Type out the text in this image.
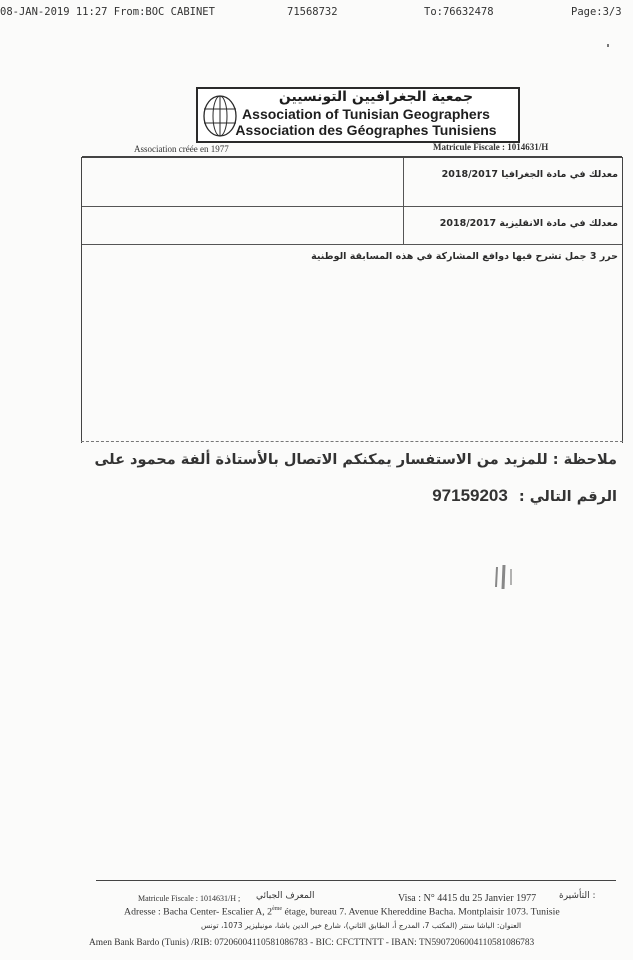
08-JAN-2019 11:27 From:BOC CABINET	71568732	To:76632478	Page:3/3
جمعية الجغرافيين التونسيين
Association of Tunisian Geographers
Association des Géographes Tunisiens
Association créée en 1977	Matricule Fiscale : 1014631/H
معدلك في مادة الجغرافيا 2018/2017
معدلك في مادة الانقليزية 2018/2017
حرر 3 جمل تشرح فيها دوافع المشاركة في هذه المسابقة الوطنية
ملاحظة : للمزيد من الاستفسار يمكنكم الاتصال بالأستاذة ألفة محمود على
الرقم التالي : 97159203
Matricule Fiscale : 1014631/H ; المعرف الجبائي	Visa : N° 4415 du 25 Janvier 1977	: التأشيرة
Adresse : Bacha Center- Escalier A, 2ème étage, bureau 7. Avenue Khereddine Bacha. Montplaisir 1073. Tunisie
العنوان: الباشا سنتر (المكتب 7، المدرج أ، الطابق الثاني)، شارع خير الدين باشا، مونبليزير 1073، تونس
Amen Bank Bardo (Tunis) /RIB: 07206004110581086783 - BIC: CFCTTNTT - IBAN: TN5907206004110581086783
